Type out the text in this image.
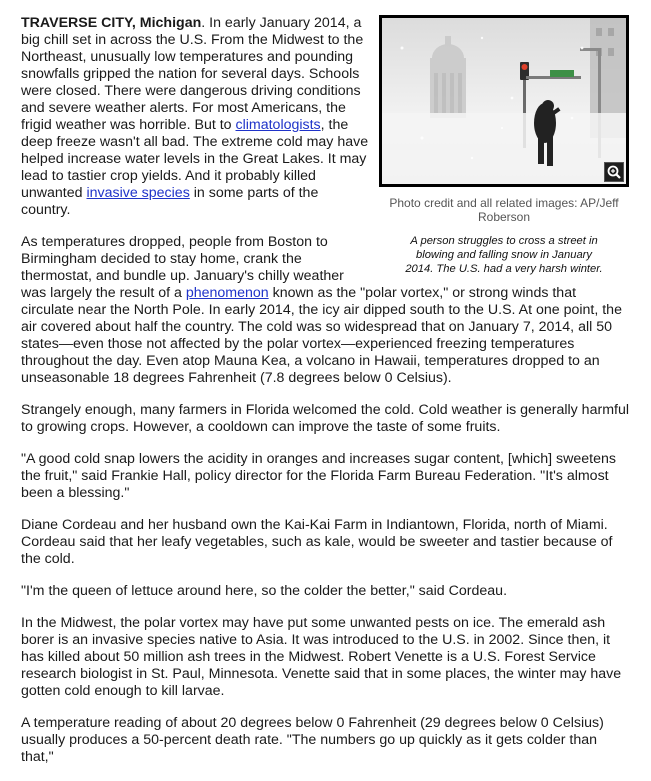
Photo credit and all related images: AP/Jeff Roberson
A person struggles to cross a street in blowing and falling snow in January 2014. The U.S. had a very harsh winter.

TRAVERSE CITY, Michigan. In early January 2014, a big chill set in across the U.S. From the Midwest to the Northeast, unusually low temperatures and pounding snowfalls gripped the nation for several days. Schools were closed. There were dangerous driving conditions and severe weather alerts. For most Americans, the frigid weather was horrible. But to climatologists, the deep freeze wasn't all bad. The extreme cold may have helped increase water levels in the Great Lakes. It may lead to tastier crop yields. And it probably killed unwanted invasive species in some parts of the country.

As temperatures dropped, people from Boston to Birmingham decided to stay home, crank the thermostat, and bundle up. January's chilly weather was largely the result of a phenomenon known as the "polar vortex," or strong winds that circulate near the North Pole. In early 2014, the icy air dipped south to the U.S. At one point, the air covered about half the country. The cold was so widespread that on January 7, 2014, all 50 states—even those not affected by the polar vortex—experienced freezing temperatures throughout the day. Even atop Mauna Kea, a volcano in Hawaii, temperatures dropped to an unseasonable 18 degrees Fahrenheit (7.8 degrees below 0 Celsius).

Strangely enough, many farmers in Florida welcomed the cold. Cold weather is generally harmful to growing crops. However, a cooldown can improve the taste of some fruits.

"A good cold snap lowers the acidity in oranges and increases sugar content, [which] sweetens the fruit," said Frankie Hall, policy director for the Florida Farm Bureau Federation. "It's almost been a blessing."

Diane Cordeau and her husband own the Kai-Kai Farm in Indiantown, Florida, north of Miami. Cordeau said that her leafy vegetables, such as kale, would be sweeter and tastier because of the cold.

"I'm the queen of lettuce around here, so the colder the better," said Cordeau.

In the Midwest, the polar vortex may have put some unwanted pests on ice. The emerald ash borer is an invasive species native to Asia. It was introduced to the U.S. in 2002. Since then, it has killed about 50 million ash trees in the Midwest. Robert Venette is a U.S. Forest Service research biologist in St. Paul, Minnesota. Venette said that in some places, the winter may have gotten cold enough to kill larvae.

A temperature reading of about 20 degrees below 0 Fahrenheit (29 degrees below 0 Celsius) usually produces a 50-percent death rate. "The numbers go up quickly as it gets colder than that,"
